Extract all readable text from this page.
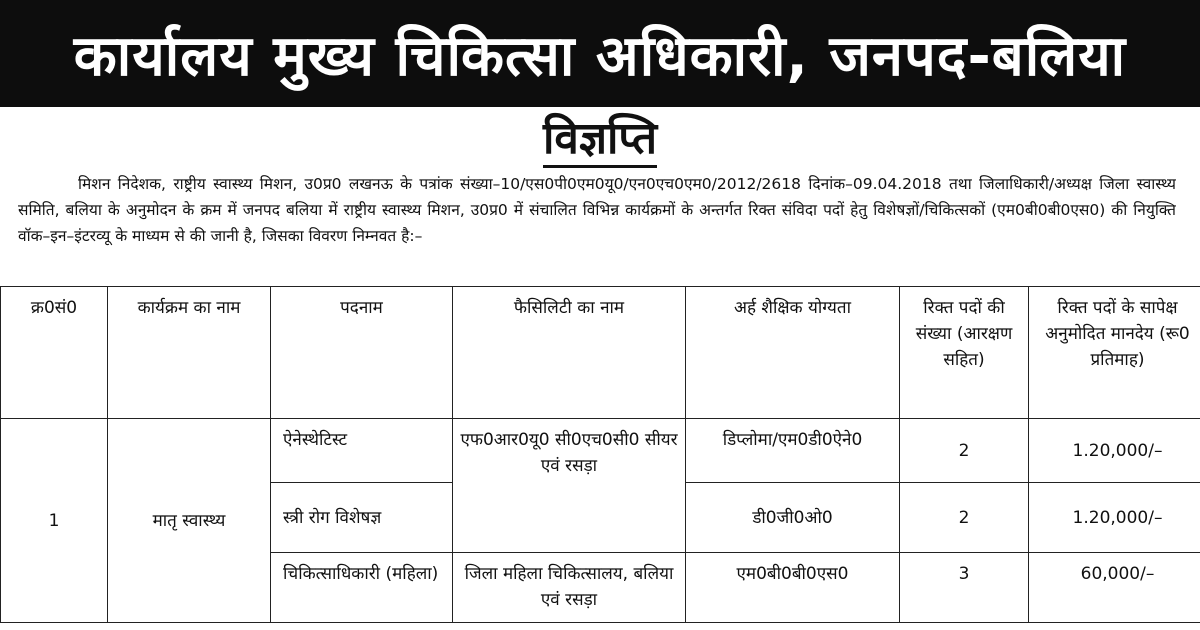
कार्यालय मुख्य चिकित्सा अधिकारी, जनपद-बलिया
विज्ञप्ति

मिशन निदेशक, राष्ट्रीय स्वास्थ्य मिशन, उ0प्र0 लखनऊ के पत्रांक संख्या–10/एस0पी0एम0यू0/एन0एच0एम0/2012/2618 दिनांक–09.04.2018 तथा जिलाधिकारी/अध्यक्ष जिला स्वास्थ्य समिति, बलिया के अनुमोदन के क्रम में जनपद बलिया में राष्ट्रीय स्वास्थ्य मिशन, उ0प्र0 में संचालित विभिन्न कार्यक्रमों के अन्तर्गत रिक्त संविदा पदों हेतु विशेषज्ञों/चिकित्सकों (एम0बी0बी0एस0) की नियुक्ति वॉक–इन–इंटरव्यू के माध्यम से की जानी है, जिसका विवरण निम्नवत है:–

क्र0सं0	कार्यक्रम का नाम	पदनाम	फैसिलिटी का नाम	अर्ह शैक्षिक योग्यता	रिक्त पदों की संख्या (आरक्षण सहित)	रिक्त पदों के सापेक्ष अनुमोदित मानदेय (रू0 प्रतिमाह)
1	मातृ स्वास्थ्य	ऐनेस्थेटिस्ट	एफ0आर0यू0 सी0एच0सी0 सीयर एवं रसड़ा	डिप्लोमा/एम0डी0ऐने0	2	1.20,000/–
		स्त्री रोग विशेषज्ञ		डी0जी0ओ0	2	1.20,000/–
		चिकित्साधिकारी (महिला)	जिला महिला चिकित्सालय, बलिया एवं रसड़ा	एम0बी0बी0एस0	3	60,000/–
